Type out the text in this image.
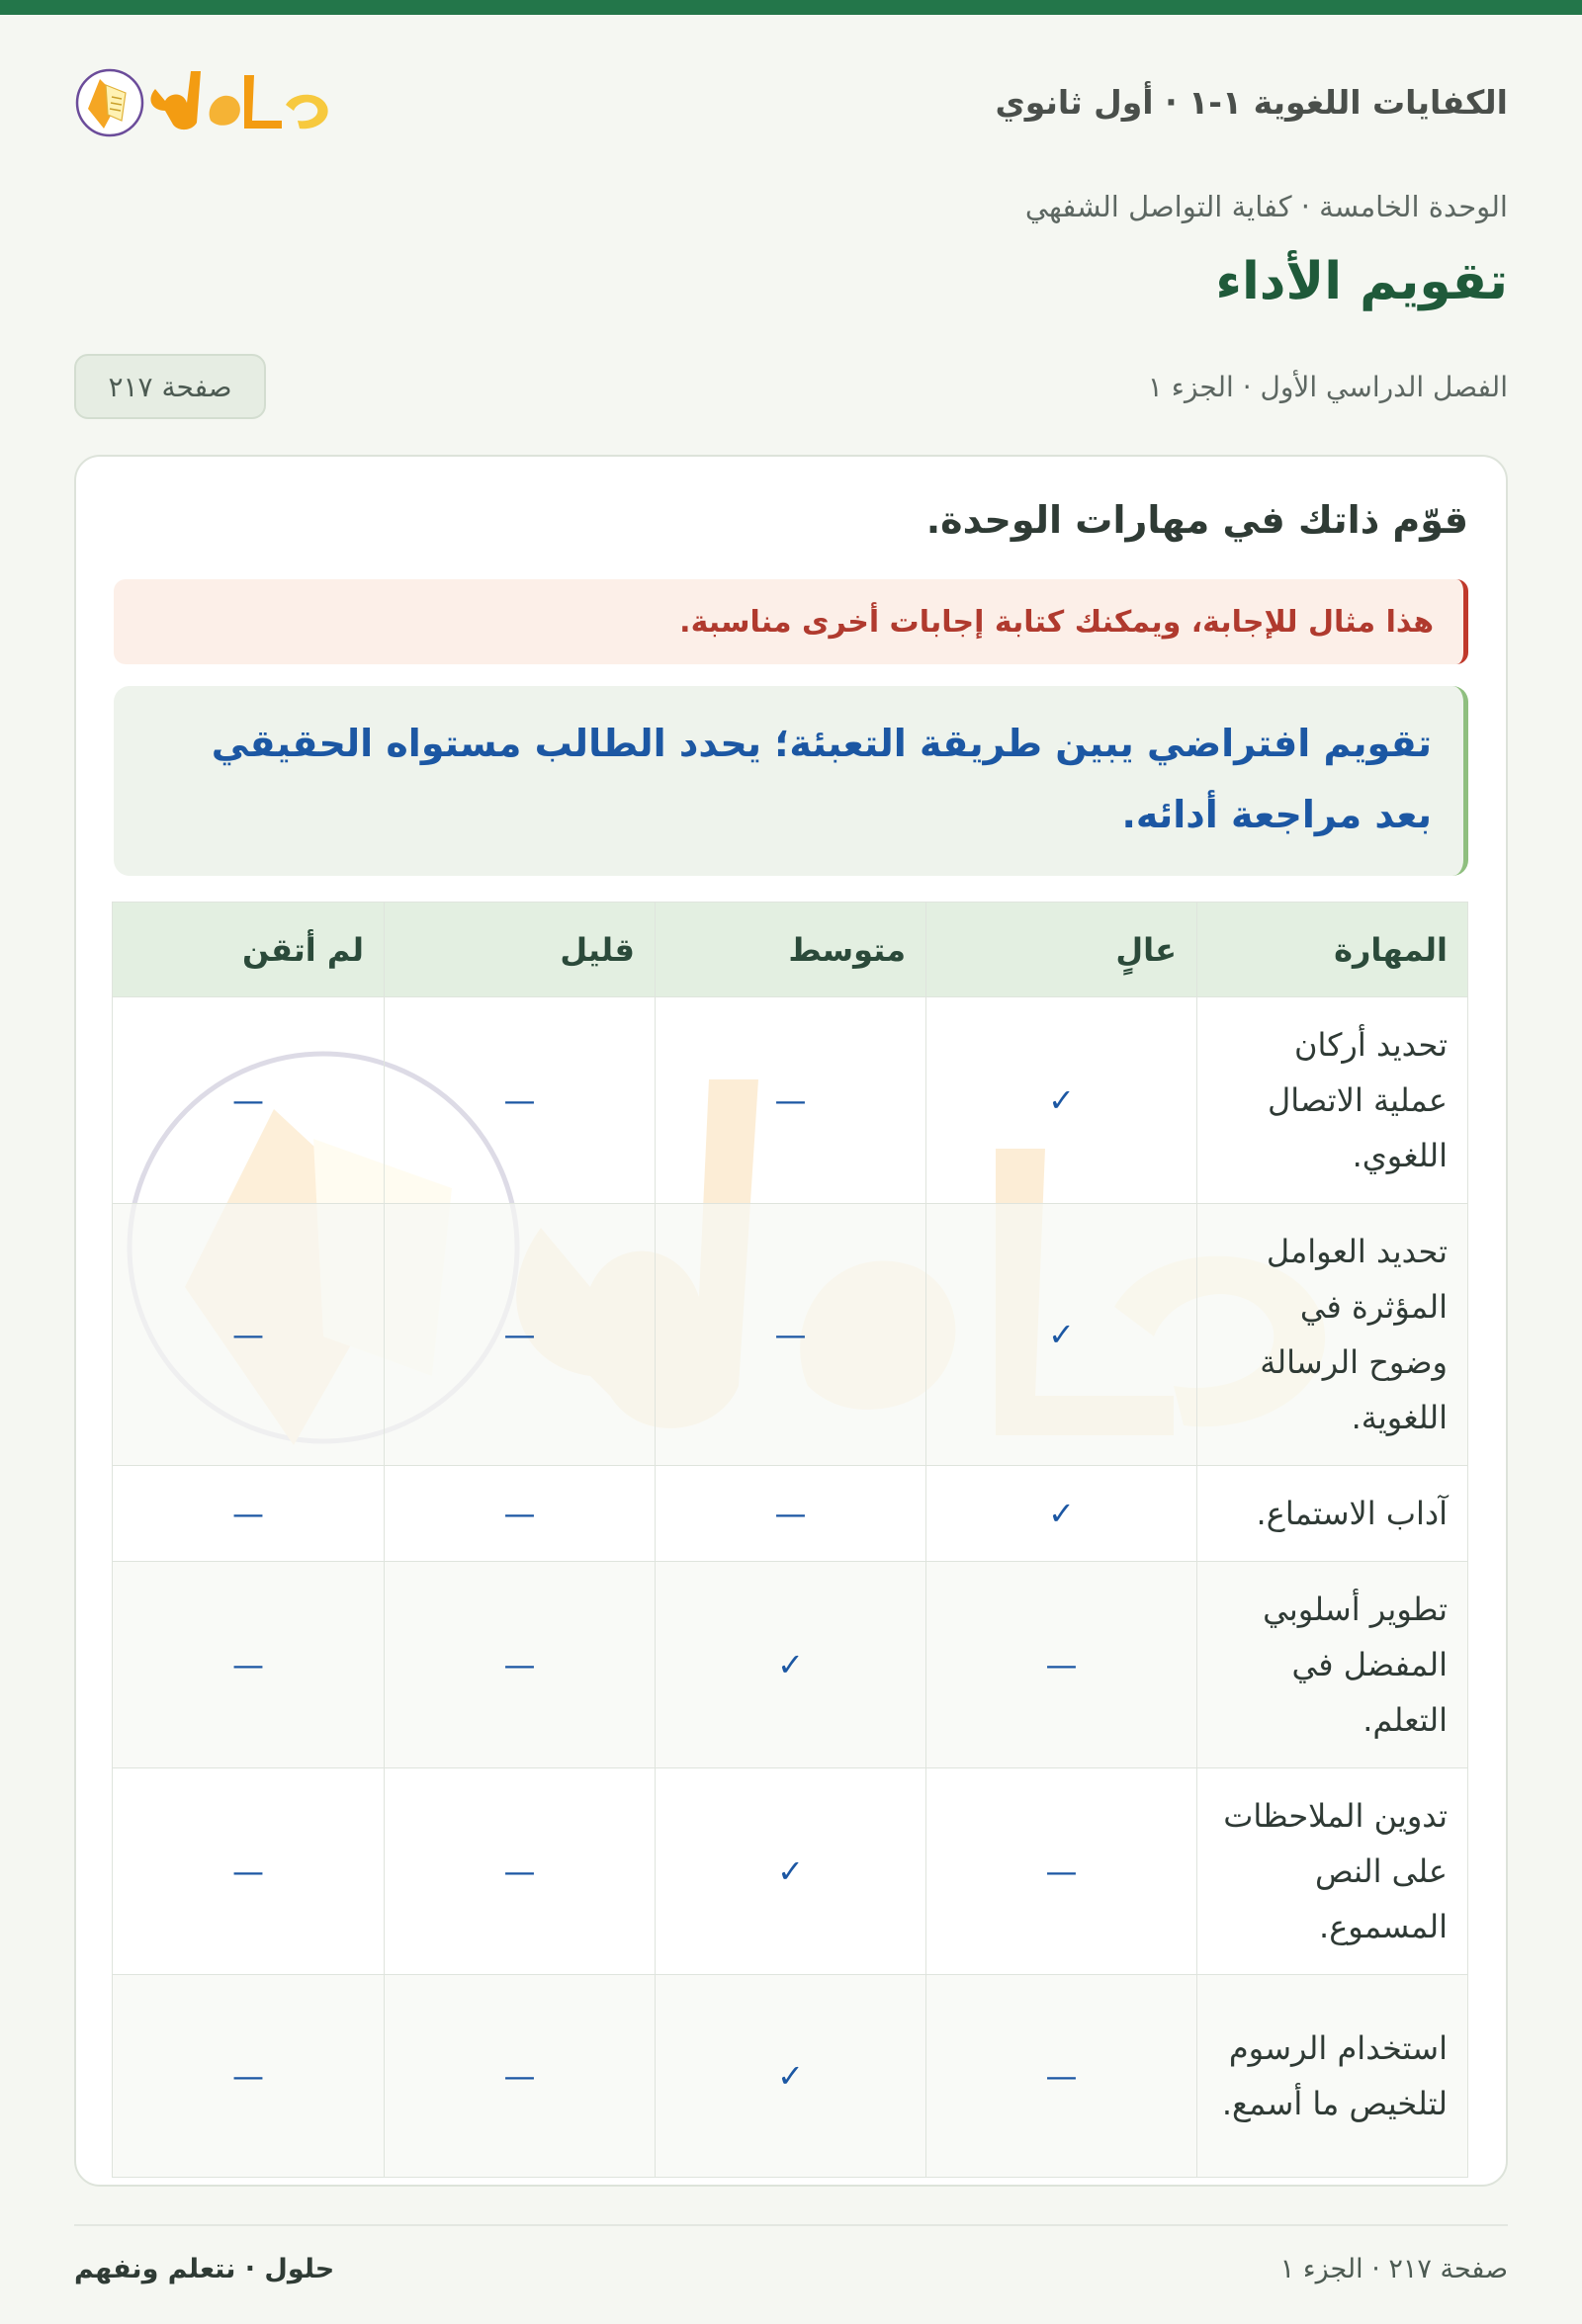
الكفايات اللغوية ١-١ · أول ثانوي
الوحدة الخامسة · كفاية التواصل الشفهي
تقويم الأداء
الفصل الدراسي الأول · الجزء ١
صفحة ٢١٧
قوّم ذاتك في مهارات الوحدة.
هذا مثال للإجابة، ويمكنك كتابة إجابات أخرى مناسبة.
تقويم افتراضي يبين طريقة التعبئة؛ يحدد الطالب مستواه الحقيقي بعد مراجعة أدائه.
المهارة	عالٍ	متوسط	قليل	لم أتقن
تحديد أركان عملية الاتصال اللغوي.	✓	—	—	—
تحديد العوامل المؤثرة في وضوح الرسالة اللغوية.	✓	—	—	—
آداب الاستماع.	✓	—	—	—
تطوير أسلوبي المفضل في التعلم.	—	✓	—	—
تدوين الملاحظات على النص المسموع.	—	✓	—	—
استخدام الرسوم لتلخيص ما أسمع.	—	✓	—	—
حلول · نتعلم ونفهم	صفحة ٢١٧ · الجزء ١
